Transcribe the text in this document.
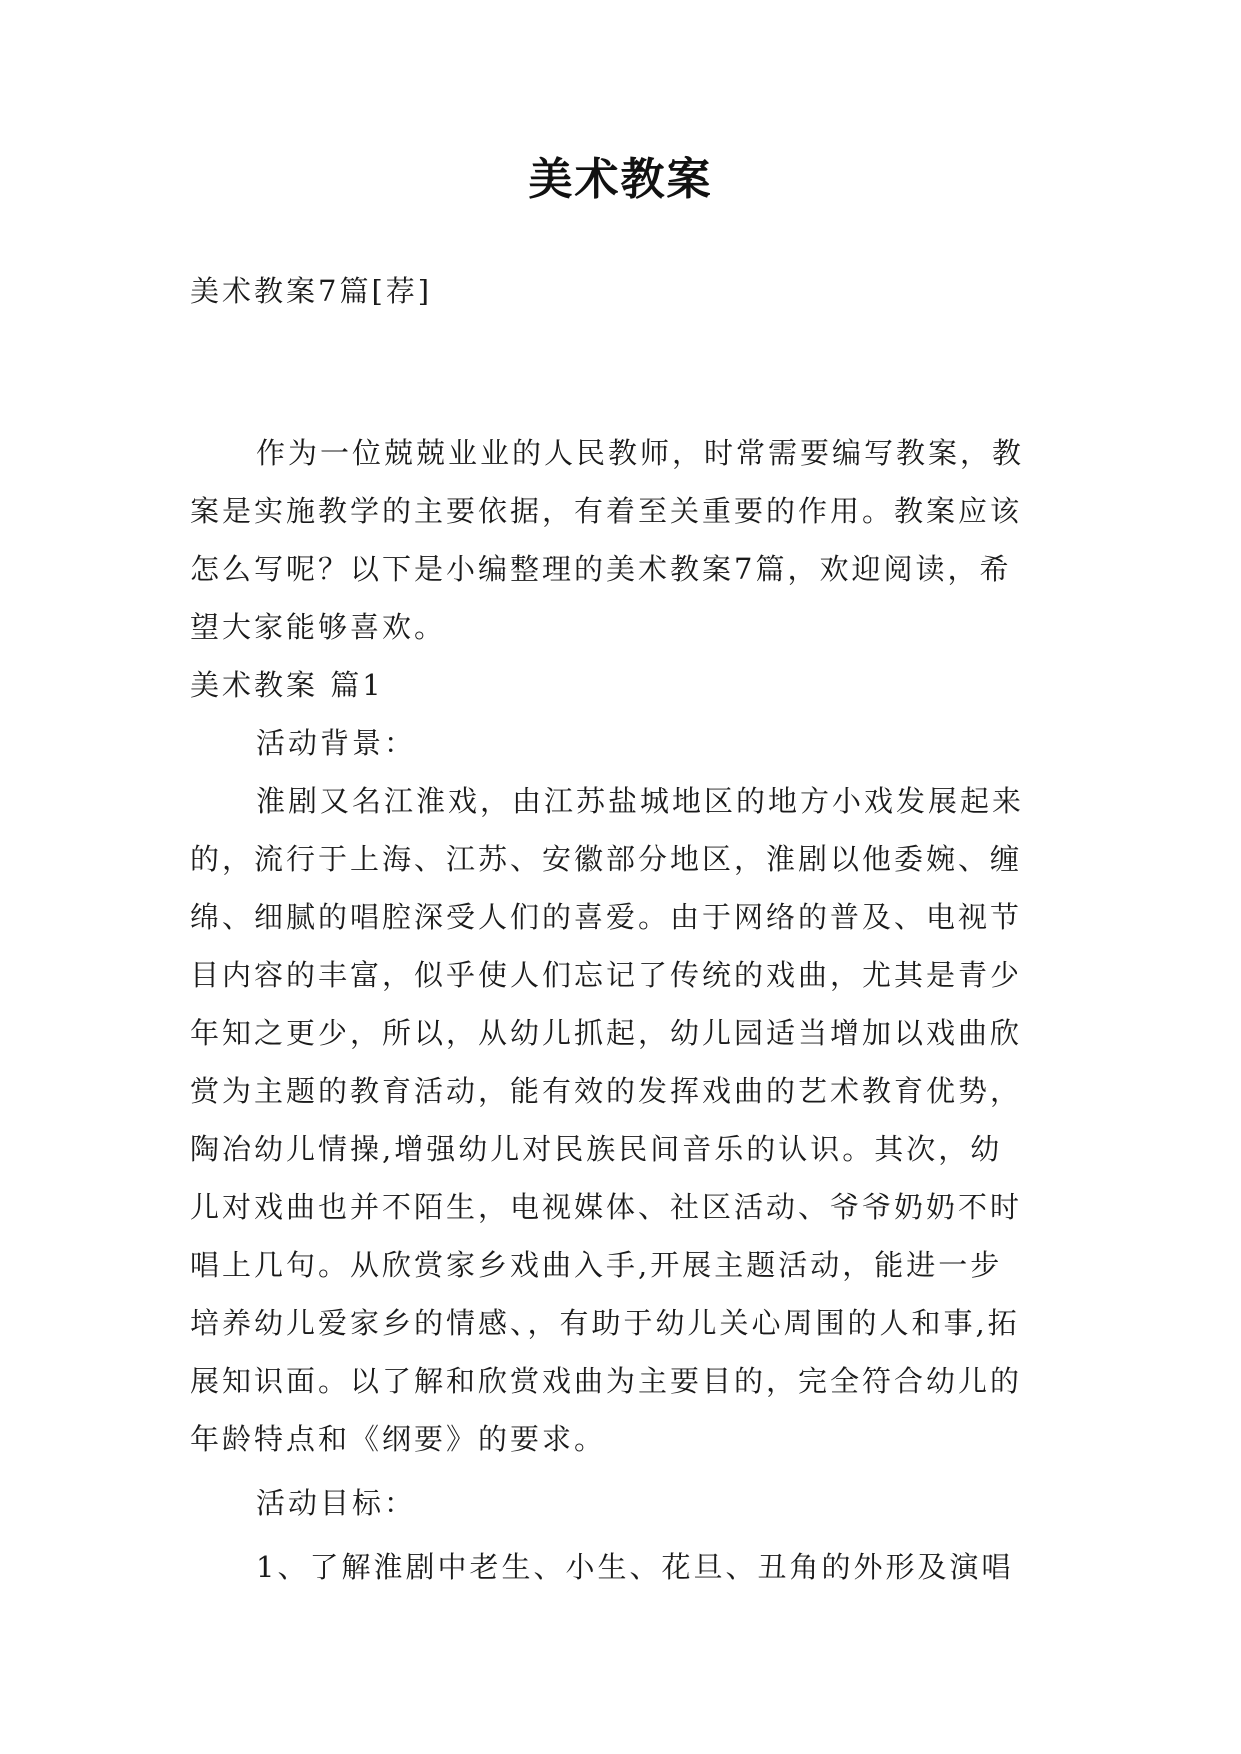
美术教案
美术教案7篇[荐]
作为一位兢兢业业的人民教师，时常需要编写教案，教
案是实施教学的主要依据，有着至关重要的作用。教案应该
怎么写呢？以下是小编整理的美术教案7篇，欢迎阅读，希
望大家能够喜欢。
美术教案 篇1
活动背景：
淮剧又名江淮戏，由江苏盐城地区的地方小戏发展起来
的，流行于上海、江苏、安徽部分地区，淮剧以他委婉、缠
绵、细腻的唱腔深受人们的喜爱。由于网络的普及、电视节
目内容的丰富，似乎使人们忘记了传统的戏曲，尤其是青少
年知之更少，所以，从幼儿抓起，幼儿园适当增加以戏曲欣
赏为主题的教育活动，能有效的发挥戏曲的艺术教育优势，
陶冶幼儿情操,增强幼儿对民族民间音乐的认识。其次，幼
儿对戏曲也并不陌生，电视媒体、社区活动、爷爷奶奶不时
唱上几句。从欣赏家乡戏曲入手,开展主题活动，能进一步
培养幼儿爱家乡的情感、，有助于幼儿关心周围的人和事,拓
展知识面。以了解和欣赏戏曲为主要目的，完全符合幼儿的
年龄特点和《纲要》的要求。
活动目标：
1、了解淮剧中老生、小生、花旦、丑角的外形及演唱
